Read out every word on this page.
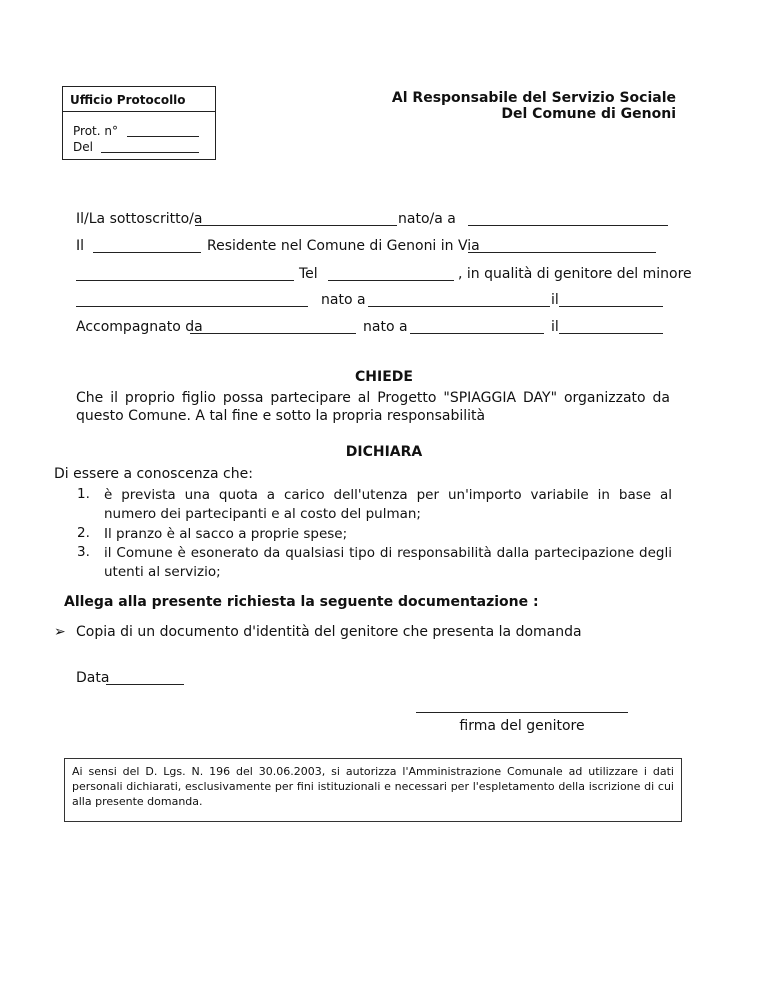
Ufficio Protocollo
Prot. n°
Del
Al Responsabile del Servizio Sociale
Del Comune di Genoni
Il/La sottoscritto/a	nato/a a
Il	Residente nel Comune di Genoni in Via
Tel	, in qualità di genitore del minore
nato a	il
Accompagnato da	nato a	il
CHIEDE
Che il proprio figlio possa partecipare al Progetto "SPIAGGIA DAY" organizzato da questo Comune. A tal fine e sotto la propria responsabilità
DICHIARA
Di essere a conoscenza che:
1. è prevista una quota a carico dell'utenza per un'importo variabile in base al numero dei partecipanti e al costo del pulman;
2. Il pranzo è al sacco a proprie spese;
3. il Comune è esonerato da qualsiasi tipo di responsabilità dalla partecipazione degli utenti al servizio;
Allega alla presente richiesta la seguente documentazione :
➢ Copia di un documento d'identità del genitore che presenta la domanda
Data
firma del genitore

Ai sensi del D. Lgs. N. 196 del 30.06.2003, si autorizza l'Amministrazione Comunale ad utilizzare i dati personali dichiarati, esclusivamente per fini istituzionali e necessari per l'espletamento della iscrizione di cui alla presente domanda.
